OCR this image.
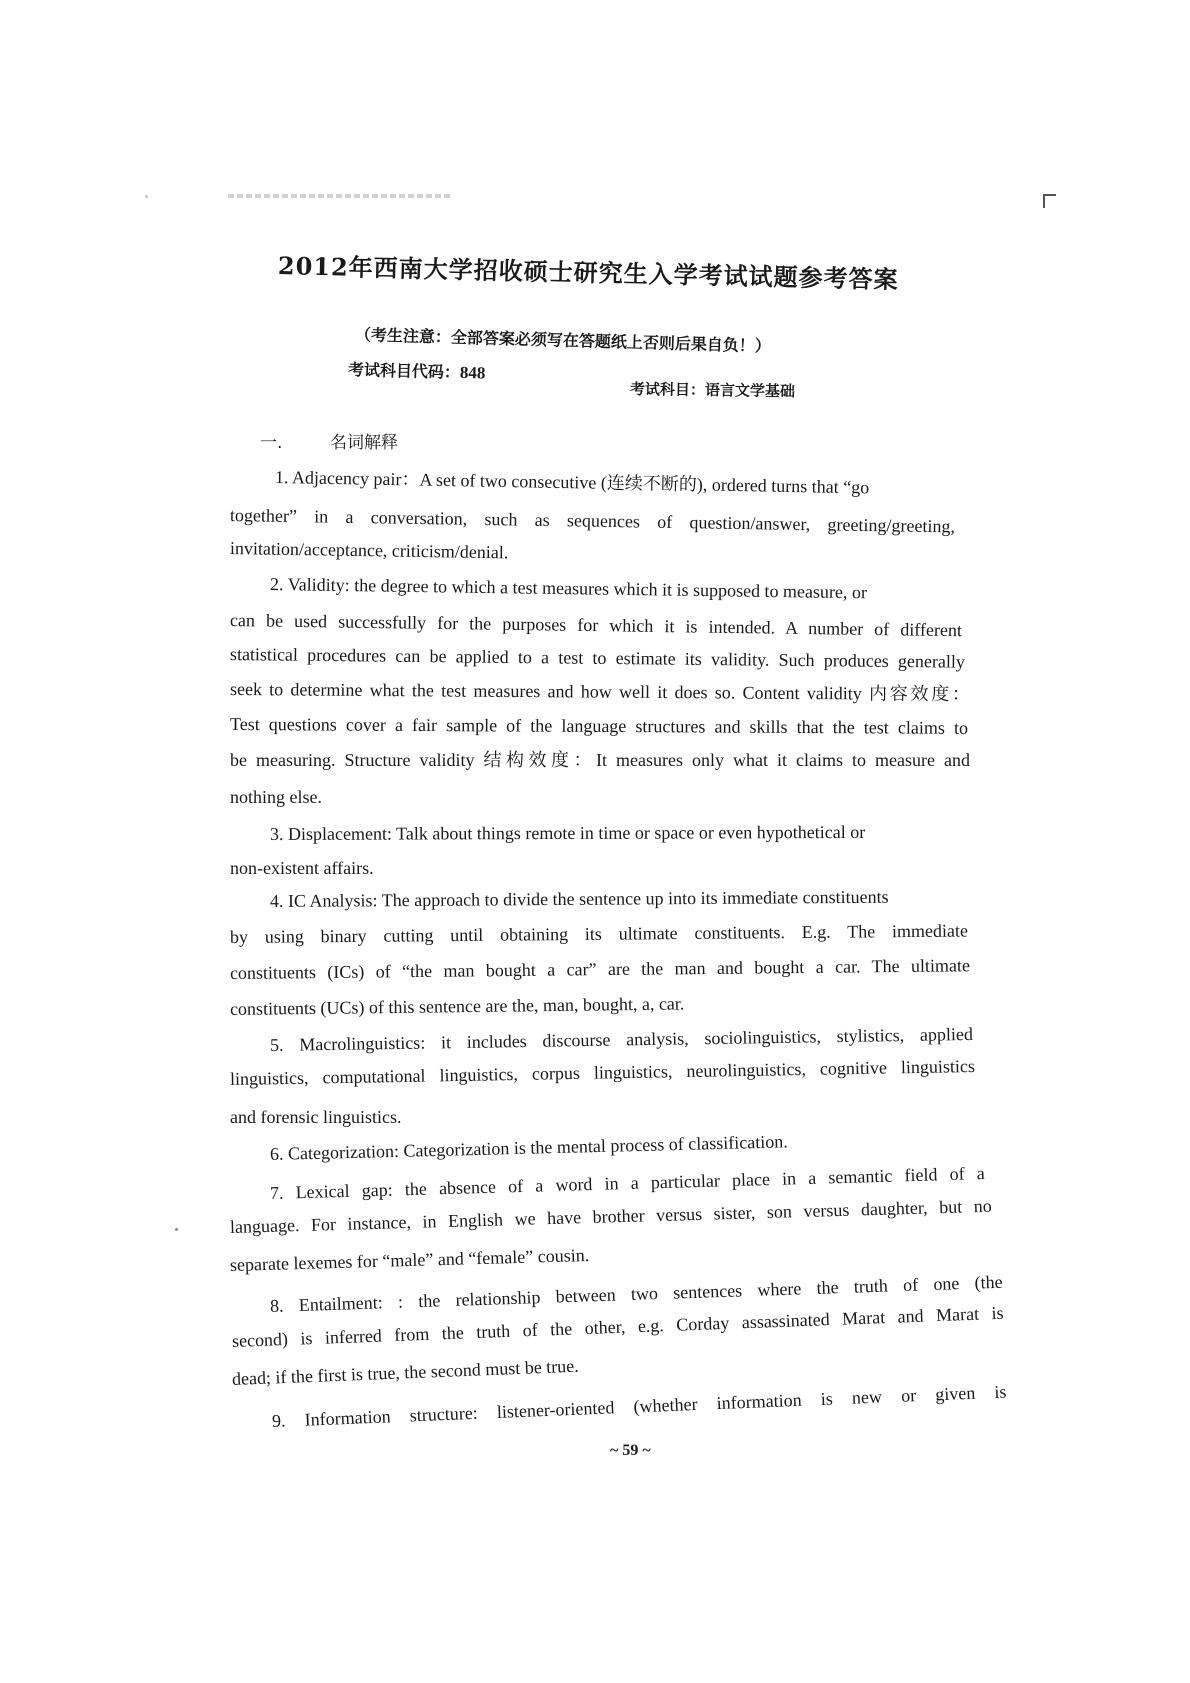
2012年西南大学招收硕士研究生入学考试试题参考答案
（考生注意：全部答案必须写在答题纸上否则后果自负！）
考试科目代码：848
考试科目：语言文学基础
一.	名词解释
1. Adjacency pair：A set of two consecutive (连续不断的), ordered turns that “go
together” in a conversation, such as sequences of question/answer, greeting/greeting,
invitation/acceptance, criticism/denial.
2. Validity: the degree to which a test measures which it is supposed to measure, or
can be used successfully for the purposes for which it is intended. A number of different
statistical procedures can be applied to a test to estimate its validity. Such produces generally
seek to determine what the test measures and how well it does so. Content validity 内容效度：
Test questions cover a fair sample of the language structures and skills that the test claims to
be measuring. Structure validity 结构效度：It measures only what it claims to measure and
nothing else.
3. Displacement: Talk about things remote in time or space or even hypothetical or
non-existent affairs.
4. IC Analysis: The approach to divide the sentence up into its immediate constituents
by using binary cutting until obtaining its ultimate constituents. E.g. The immediate
constituents (ICs) of “the man bought a car” are the man and bought a car. The ultimate
constituents (UCs) of this sentence are the, man, bought, a, car.
5. Macrolinguistics: it includes discourse analysis, sociolinguistics, stylistics, applied
linguistics, computational linguistics, corpus linguistics, neurolinguistics, cognitive linguistics
and forensic linguistics.
6. Categorization: Categorization is the mental process of classification.
7. Lexical gap: the absence of a word in a particular place in a semantic field of a
language. For instance, in English we have brother versus sister, son versus daughter, but no
separate lexemes for “male” and “female” cousin.
8. Entailment: : the relationship between two sentences where the truth of one (the
second) is inferred from the truth of the other, e.g. Corday assassinated Marat and Marat is
dead; if the first is true, the second must be true.
9. Information structure: listener-oriented (whether information is new or given is
~ 59 ~
